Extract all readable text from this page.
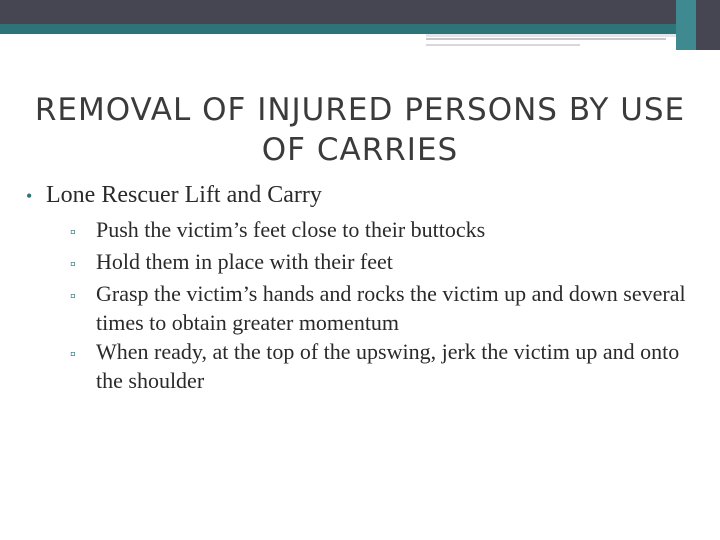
REMOVAL OF INJURED PERSONS BY USE OF CARRIES
• Lone Rescuer Lift and Carry
▫ Push the victim’s feet close to their buttocks
▫ Hold them in place with their feet
▫ Grasp the victim’s hands and rocks the victim up and down several times to obtain greater momentum
▫ When ready, at the top of the upswing, jerk the victim up and onto the shoulder
